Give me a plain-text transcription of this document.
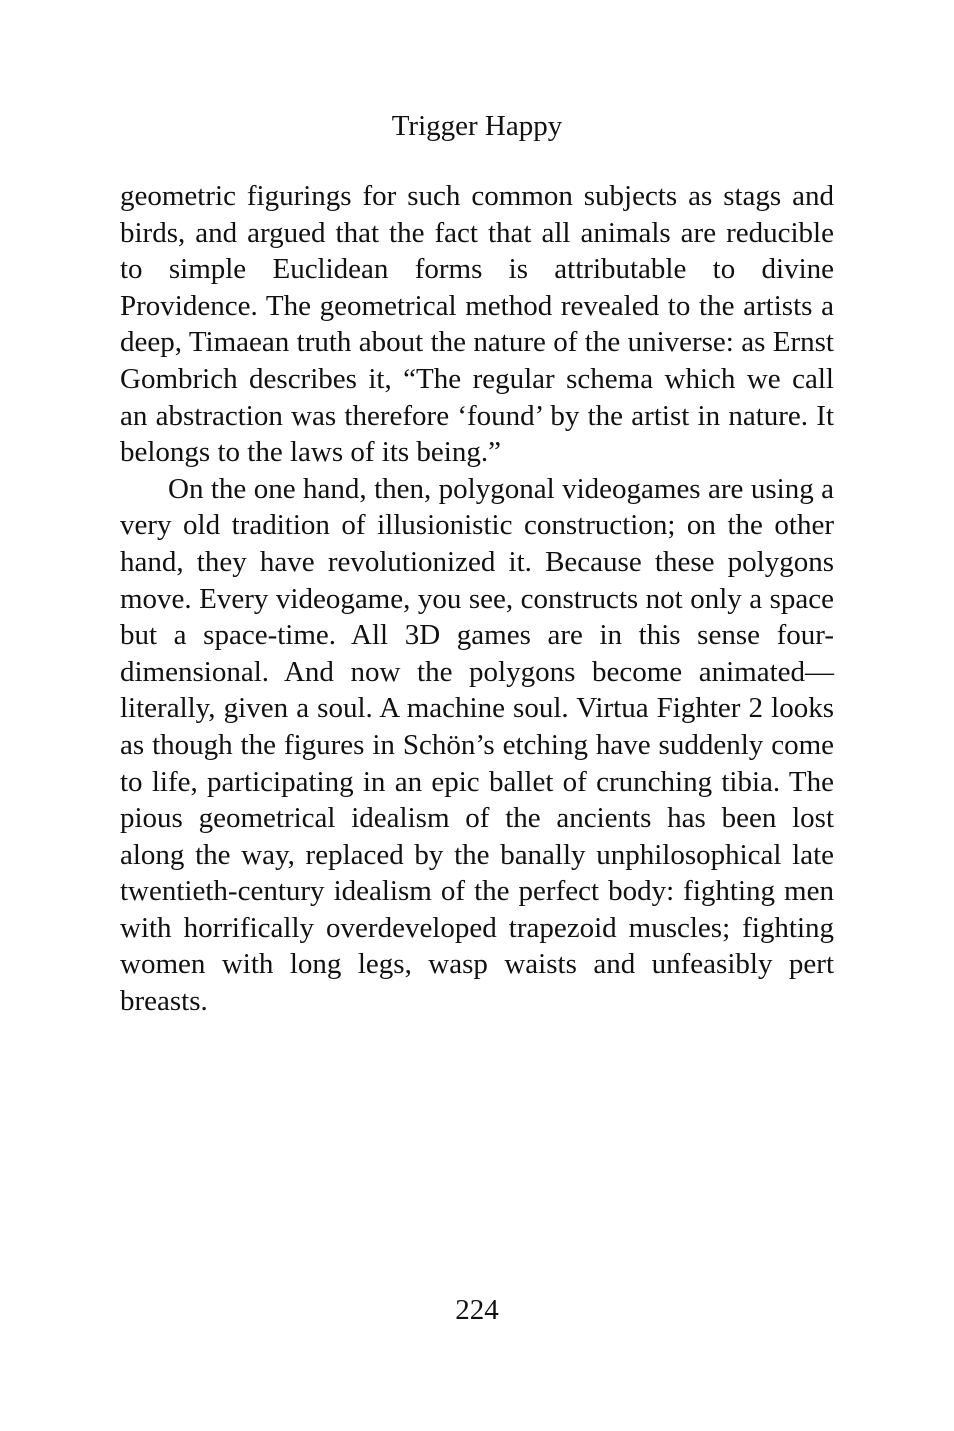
Trigger Happy

geometric figurings for such common subjects as stags and birds, and argued that the fact that all animals are reducible to simple Euclidean forms is attributable to divine Providence. The geometrical method revealed to the artists a deep, Timaean truth about the nature of the universe: as Ernst Gombrich describes it, “The regular schema which we call an abstraction was therefore ‘found’ by the artist in nature. It belongs to the laws of its being.”

On the one hand, then, polygonal videogames are using a very old tradition of illusionistic construction; on the other hand, they have revolutionized it. Because these polygons move. Every videogame, you see, constructs not only a space but a space-time. All 3D games are in this sense four-dimensional. And now the polygons become animated—literally, given a soul. A machine soul. Virtua Fighter 2 looks as though the figures in Schön’s etching have suddenly come to life, participating in an epic ballet of crunching tibia. The pious geometrical idealism of the ancients has been lost along the way, replaced by the banally unphilosophical late twentieth-century idealism of the perfect body: fighting men with horrifically overdeveloped trapezoid muscles; fighting women with long legs, wasp waists and unfeasibly pert breasts.

224
